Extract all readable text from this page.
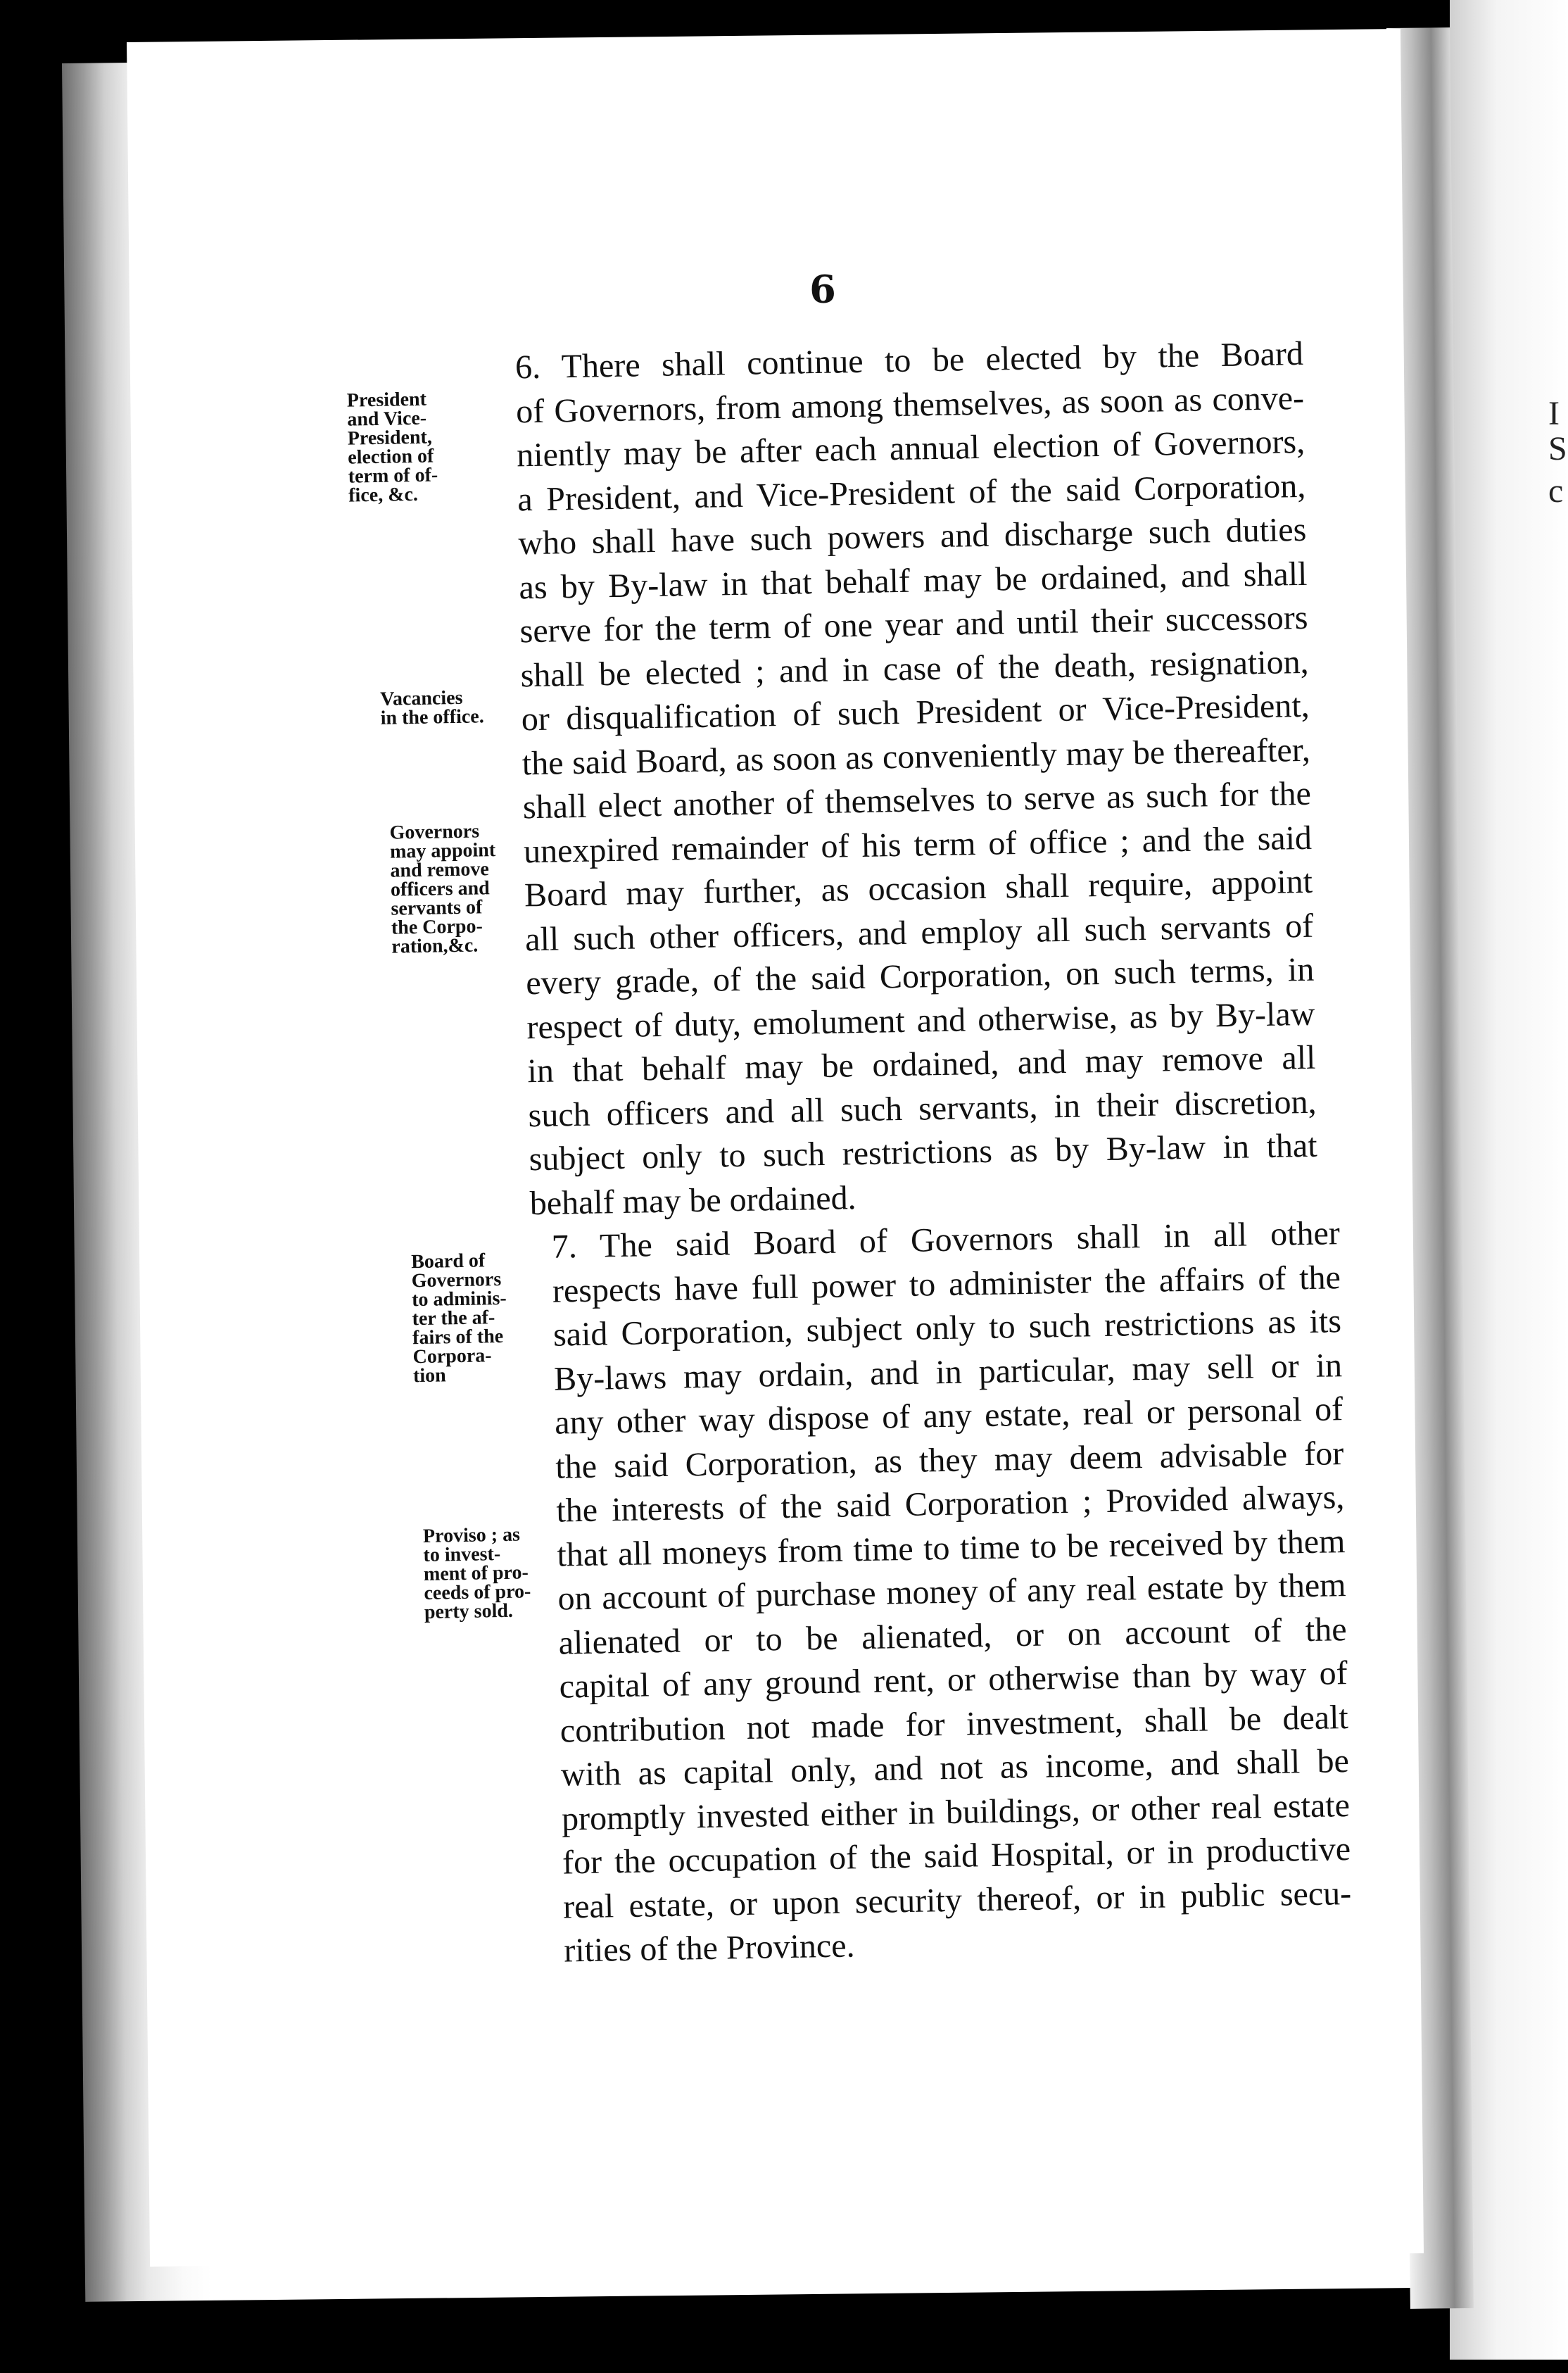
I
S
c
6
President
and Vice-
President,
election of
term of of-
fice, &c.
Vacancies
in the office.
Governors
may appoint
and remove
officers and
servants of
the Corpo-
ration,&c.
Board of
Governors
to adminis-
ter the af-
fairs of the
Corpora-
tion
Proviso ; as
to invest-
ment of pro-
ceeds of pro-
perty sold.
6. There shall continue to be elected by the Board
of Governors, from among themselves, as soon as conve-
niently may be after each annual election of Governors,
a President, and Vice-President of the said Corporation,
who shall have such powers and discharge such duties
as by By-law in that behalf may be ordained, and shall
serve for the term of one year and until their successors
shall be elected ; and in case of the death, resignation,
or disqualification of such President or Vice-President,
the said Board, as soon as conveniently may be thereafter,
shall elect another of themselves to serve as such for the
unexpired remainder of his term of office ; and the said
Board may further, as occasion shall require, appoint
all such other officers, and employ all such servants of
every grade, of the said Corporation, on such terms, in
respect of duty, emolument and otherwise, as by By-law
in that behalf may be ordained, and may remove all
such officers and all such servants, in their discretion,
subject only to such restrictions as by By-law in that
behalf may be ordained.
7. The said Board of Governors shall in all other
respects have full power to administer the affairs of the
said Corporation, subject only to such restrictions as its
By-laws may ordain, and in particular, may sell or in
any other way dispose of any estate, real or personal of
the said Corporation, as they may deem advisable for
the interests of the said Corporation ; Provided always,
that all moneys from time to time to be received by them
on account of purchase money of any real estate by them
alienated or to be alienated, or on account of the
capital of any ground rent, or otherwise than by way of
contribution not made for investment, shall be dealt
with as capital only, and not as income, and shall be
promptly invested either in buildings, or other real estate
for the occupation of the said Hospital, or in productive
real estate, or upon security thereof, or in public secu-
rities of the Province.
